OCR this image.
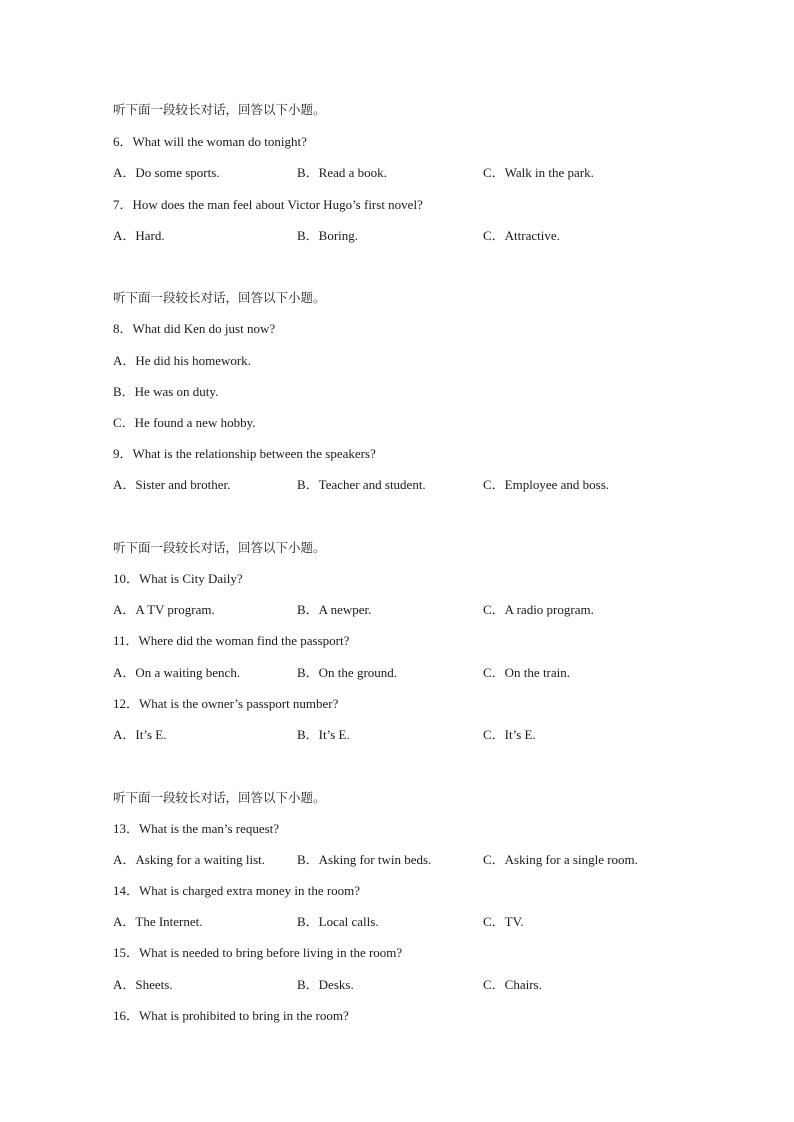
听下面一段较长对话，回答以下小题。
6．What will the woman do tonight?
A．Do some sports.	B．Read a book.	C．Walk in the park.
7．How does the man feel about Victor Hugo’s first novel?
A．Hard.	B．Boring.	C．Attractive.
听下面一段较长对话，回答以下小题。
8．What did Ken do just now?
A．He did his homework.
B．He was on duty.
C．He found a new hobby.
9．What is the relationship between the speakers?
A．Sister and brother.	B．Teacher and student.	C．Employee and boss.
听下面一段较长对话，回答以下小题。
10．What is City Daily?
A．A TV program.	B．A newper.	C．A radio program.
11．Where did the woman find the passport?
A．On a waiting bench.	B．On the ground.	C．On the train.
12．What is the owner’s passport number?
A．It’s E.	B．It’s E.	C．It’s E.
听下面一段较长对话，回答以下小题。
13．What is the man’s request?
A．Asking for a waiting list. B．Asking for twin beds.	C．Asking for a single room.
14．What is charged extra money in the room?
A．The Internet.	B．Local calls.	C．TV.
15．What is needed to bring before living in the room?
A．Sheets.	B．Desks.	C．Chairs.
16．What is prohibited to bring in the room?
